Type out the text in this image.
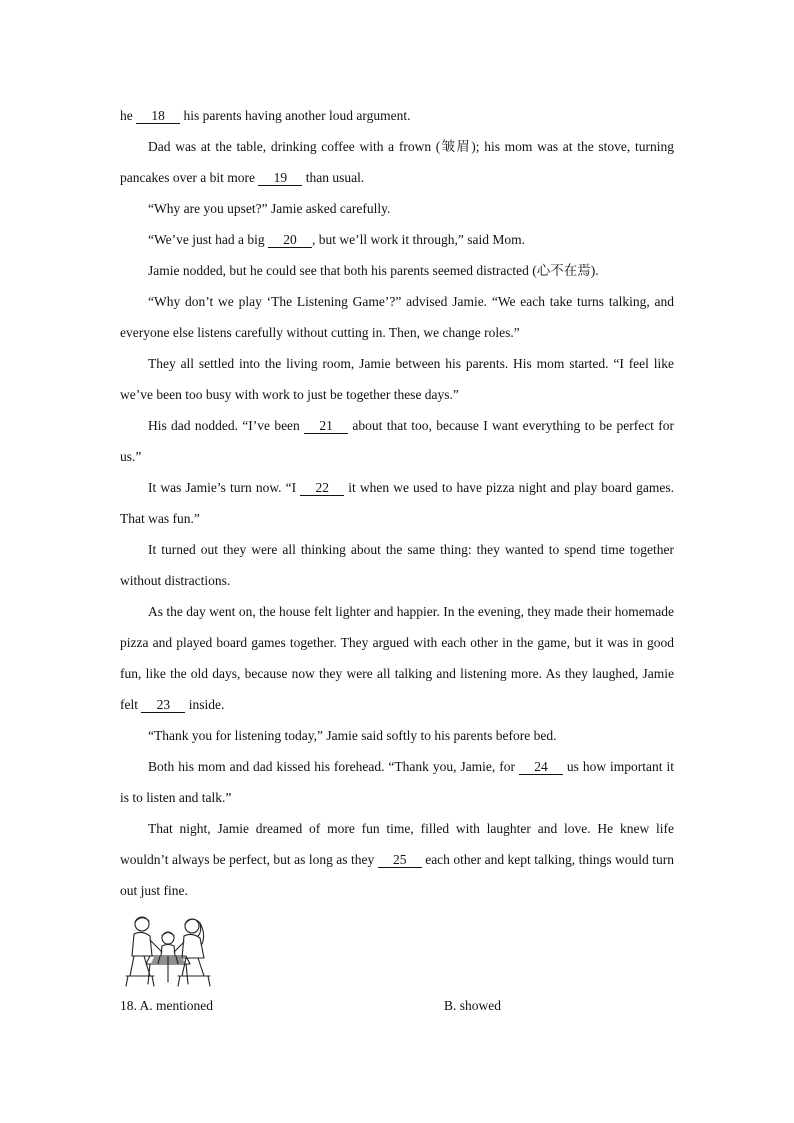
he 18 his parents having another loud argument.

Dad was at the table, drinking coffee with a frown (皱眉); his mom was at the stove, turning pancakes over a bit more 19 than usual.

“Why are you upset?” Jamie asked carefully.

“We’ve just had a big 20 , but we’ll work it through,” said Mom.

Jamie nodded, but he could see that both his parents seemed distracted (心不在焉).

“Why don’t we play ‘The Listening Game’?” advised Jamie. “We each take turns talking, and everyone else listens carefully without cutting in. Then, we change roles.”

They all settled into the living room, Jamie between his parents. His mom started. “I feel like we’ve been too busy with work to just be together these days.”

His dad nodded. “I’ve been 21 about that too, because I want everything to be perfect for us.”

It was Jamie’s turn now. “I 22 it when we used to have pizza night and play board games. That was fun.”

It turned out they were all thinking about the same thing: they wanted to spend time together without distractions.

As the day went on, the house felt lighter and happier. In the evening, they made their homemade pizza and played board games together. They argued with each other in the game, but it was in good fun, like the old days, because now they were all talking and listening more. As they laughed, Jamie felt 23 inside.

“Thank you for listening today,” Jamie said softly to his parents before bed.

Both his mom and dad kissed his forehead. “Thank you, Jamie, for 24 us how important it is to listen and talk.”

That night, Jamie dreamed of more fun time, filled with laughter and love. He knew life wouldn’t always be perfect, but as long as they 25 each other and kept talking, things would turn out just fine.

18. A. mentioned	B. showed
